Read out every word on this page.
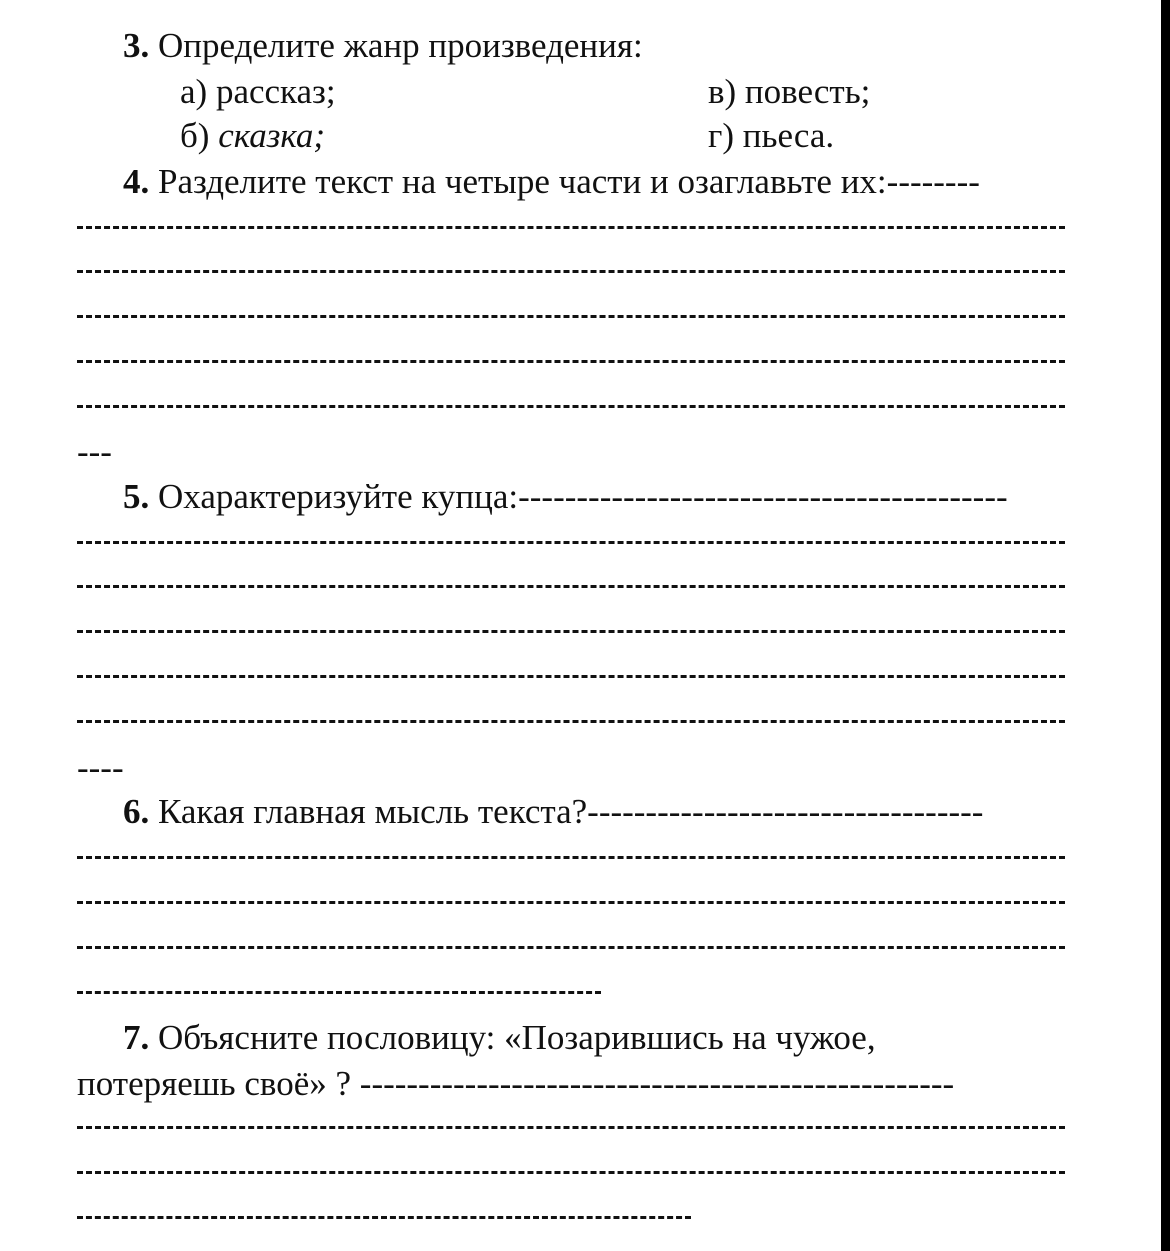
3. Определите жанр произведения:
а) рассказ;	в) повесть;
б) сказка;	г) пьеса.
4. Разделите текст на четыре части и озаглавьте их:--------
---
5. Охарактеризуйте купца:------------------------------------------
----
6. Какая главная мысль текста?----------------------------------
7. Объясните пословицу: «Позарившись на чужое,
потеряешь своё» ? ---------------------------------------------------
